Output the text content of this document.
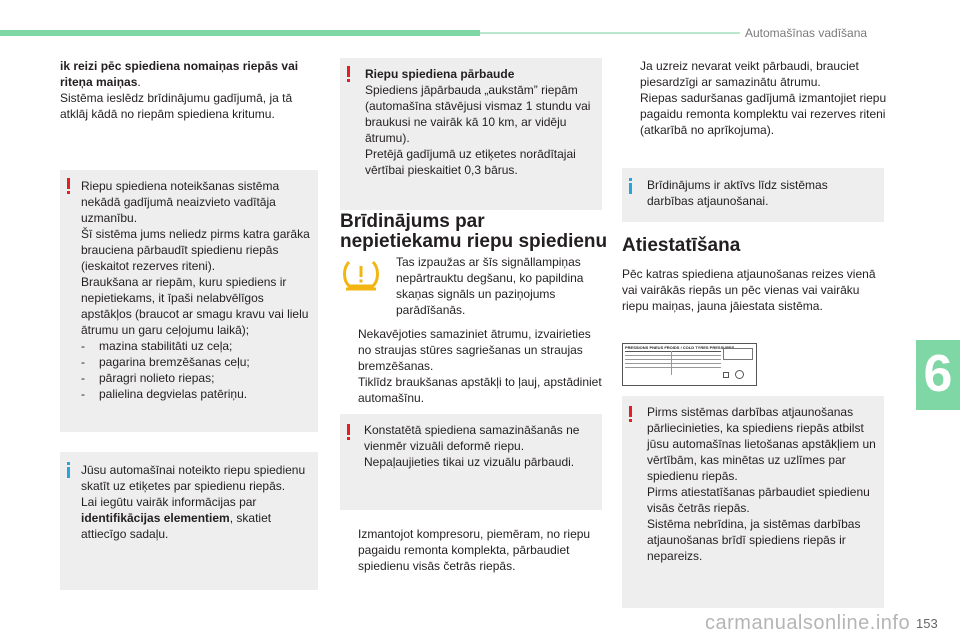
Automašīnas vadīšana
6
ik reizi pēc spiediena nomaiņas riepās vai riteņa maiņas.
Sistēma ieslēdz brīdinājumu gadījumā, ja tā atklāj kādā no riepām spiediena kritumu.
Riepu spiediena noteikšanas sistēma nekādā gadījumā neaizvieto vadītāja uzmanību.
Šī sistēma jums neliedz pirms katra garāka brauciena pārbaudīt spiedienu riepās (ieskaitot rezerves riteni).
Braukšana ar riepām, kuru spiediens ir nepietiekams, it īpaši nelabvēlīgos apstākļos (braucot ar smagu kravu vai lielu ātrumu un garu ceļojumu laikā);
- mazina stabilitāti uz ceļa;
- pagarina bremzēšanas ceļu;
- pāragri nolieto riepas;
- palielina degvielas patēriņu.
Jūsu automašīnai noteikto riepu spiedienu skatīt uz etiķetes par spiedienu riepās.
Lai iegūtu vairāk informācijas par identifikācijas elementiem, skatiet attiecīgo sadaļu.
Riepu spiediena pārbaude
Spiediens jāpārbauda „aukstām” riepām (automašīna stāvējusi vismaz 1 stundu vai braukusi ne vairāk kā 10 km, ar vidēju ātrumu).
Pretējā gadījumā uz etiķetes norādītajai vērtībai pieskaitiet 0,3 bārus.
Brīdinājums par nepietiekamu riepu spiedienu
Tas izpaužas ar šīs signāllampiņas nepārtrauktu degšanu, ko papildina skaņas signāls un paziņojums parādīšanās.
Nekavējoties samaziniet ātrumu, izvairieties no straujas stūres sagriešanas un straujas bremzēšanas.
Tiklīdz braukšanas apstākļi to ļauj, apstādiniet automašīnu.
Konstatētā spiediena samazināšanās ne vienmēr vizuāli deformē riepu.
Nepaļaujieties tikai uz vizuālu pārbaudi.
Izmantojot kompresoru, piemēram, no riepu pagaidu remonta komplekta, pārbaudiet spiedienu visās četrās riepās.
Ja uzreiz nevarat veikt pārbaudi, brauciet piesardzīgi ar samazinātu ātrumu.
Riepas saduršanas gadījumā izmantojiet riepu pagaidu remonta komplektu vai rezerves riteni (atkarībā no aprīkojuma).
Brīdinājums ir aktīvs līdz sistēmas darbības atjaunošanai.
Atiestatīšana
Pēc katras spiediena atjaunošanas reizes vienā vai vairākās riepās un pēc vienas vai vairāku riepu maiņas, jauna jāiestata sistēma.
PRESSIONS PNEUS FROIDS / COLD TYRES PRESSURES
Pirms sistēmas darbības atjaunošanas pārliecinieties, ka spiediens riepās atbilst jūsu automašīnas lietošanas apstākļiem un vērtībām, kas minētas uz uzlīmes par spiedienu riepās.
Pirms atiestatīšanas pārbaudiet spiedienu visās četrās riepās.
Sistēma nebrīdina, ja sistēmas darbības atjaunošanas brīdī spiediens riepās ir nepareizs.
carmanualsonline.info 153
